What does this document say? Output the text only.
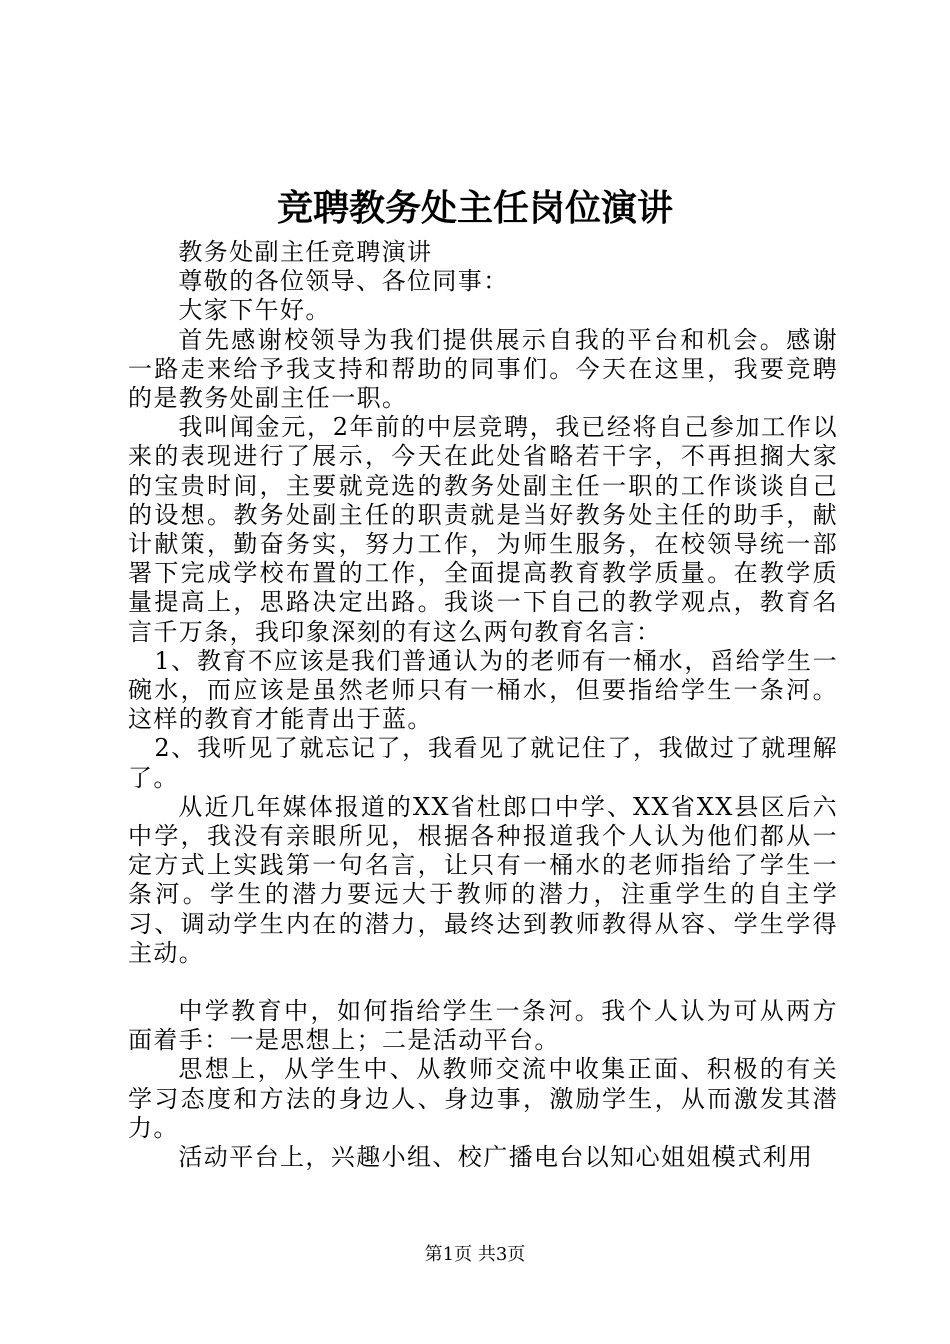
竞聘教务处主任岗位演讲

教务处副主任竞聘演讲

尊敬的各位领导、各位同事：

大家下午好。

首先感谢校领导为我们提供展示自我的平台和机会。感谢一路走来给予我支持和帮助的同事们。今天在这里，我要竞聘的是教务处副主任一职。

我叫闻金元，2年前的中层竞聘，我已经将自己参加工作以来的表现进行了展示，今天在此处省略若干字，不再担搁大家的宝贵时间，主要就竞选的教务处副主任一职的工作谈谈自己的设想。教务处副主任的职责就是当好教务处主任的助手，献计献策，勤奋务实，努力工作，为师生服务，在校领导统一部署下完成学校布置的工作，全面提高教育教学质量。在教学质量提高上，思路决定出路。我谈一下自己的教学观点，教育名言千万条，我印象深刻的有这么两句教育名言：

1、教育不应该是我们普通认为的老师有一桶水，舀给学生一碗水，而应该是虽然老师只有一桶水，但要指给学生一条河。这样的教育才能青出于蓝。

2、我听见了就忘记了，我看见了就记住了，我做过了就理解了。

从近几年媒体报道的XX省杜郎口中学、XX省XX县区后六中学，我没有亲眼所见，根据各种报道我个人认为他们都从一定方式上实践第一句名言，让只有一桶水的老师指给了学生一条河。学生的潜力要远大于教师的潜力，注重学生的自主学习、调动学生内在的潜力，最终达到教师教得从容、学生学得主动。

中学教育中，如何指给学生一条河。我个人认为可从两方面着手：一是思想上；二是活动平台。

思想上，从学生中、从教师交流中收集正面、积极的有关学习态度和方法的身边人、身边事，激励学生，从而激发其潜力。

活动平台上，兴趣小组、校广播电台以知心姐姐模式利用

第1页 共3页
